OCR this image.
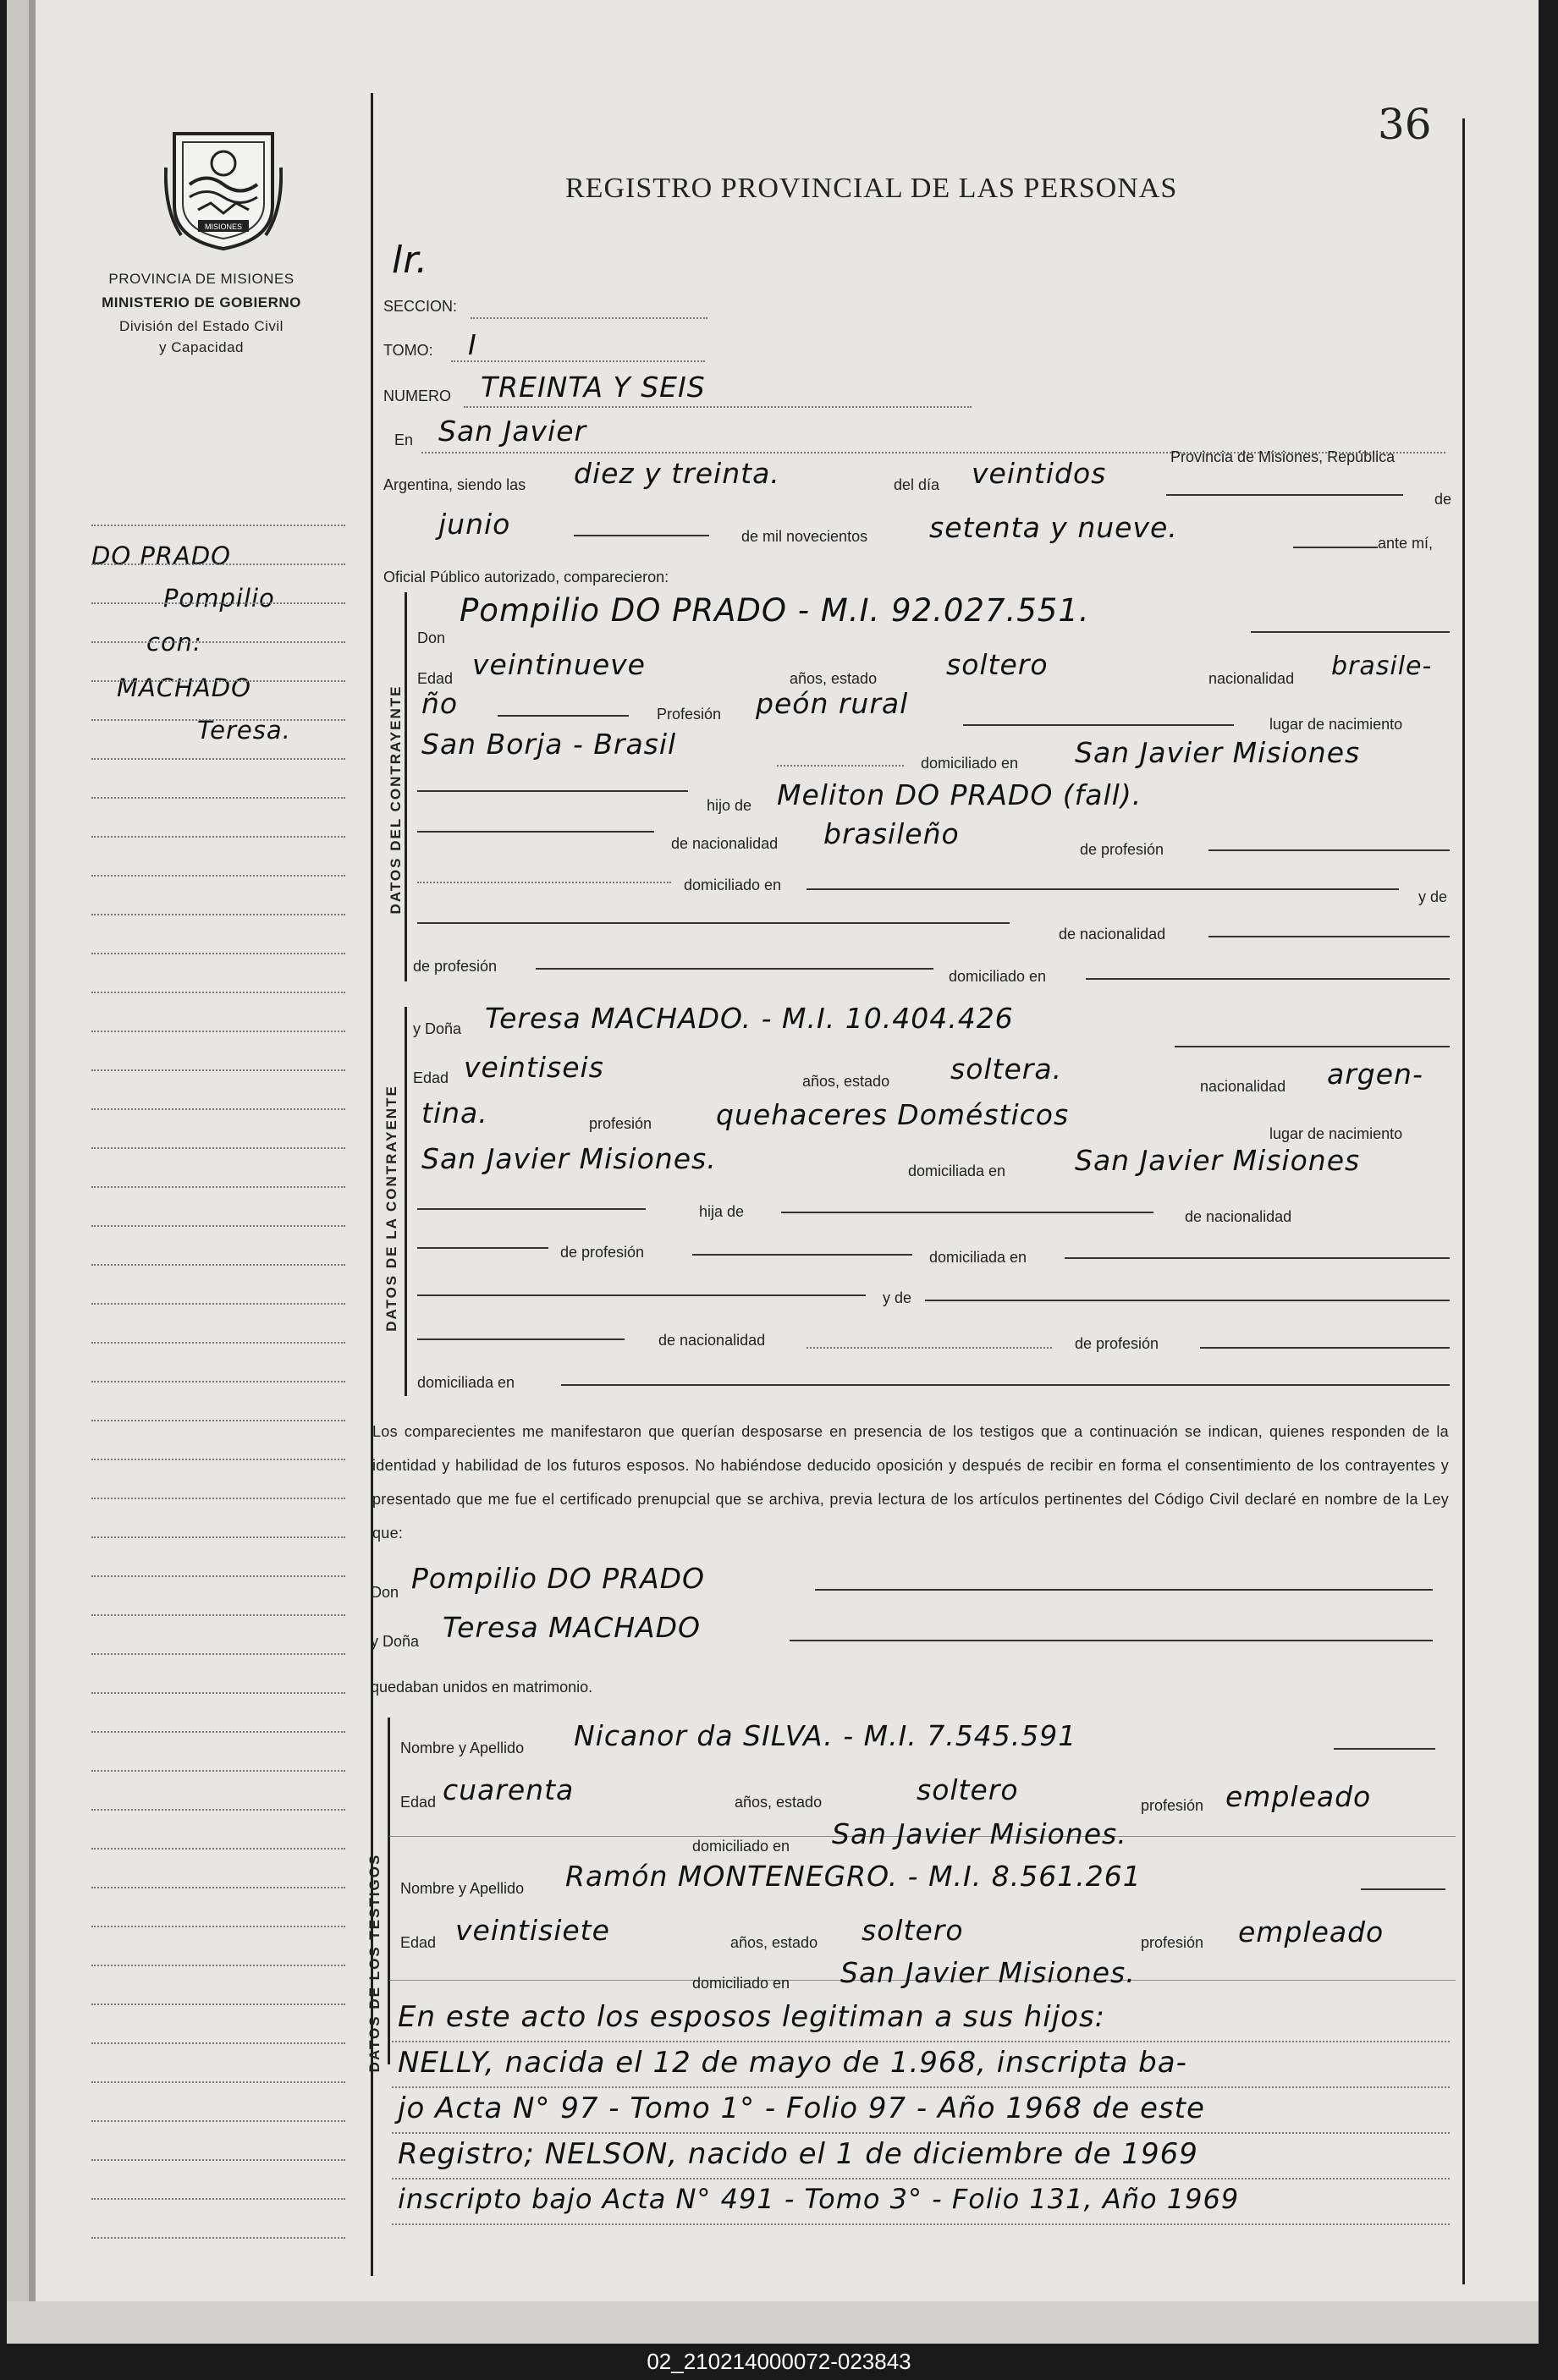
MISIONES
PROVINCIA DE MISIONES
MINISTERIO DE GOBIERNO
División del Estado Civil
y Capacidad
DO PRADO
Pompilio
con:
MACHADO
Teresa.
36
REGISTRO PROVINCIAL DE LAS PERSONAS
lr.
SECCION:
TOMO: I
NUMERO TREINTA Y SEIS
En San Javier
Provincia de Misiones, República
Argentina, siendo las diez y treinta.	del día veintidos
de
junio	de mil novecientos setenta y nueve.	ante mí,
Oficial Público autorizado, comparecieron:
DATOS DEL CONTRAYENTE
Don
Pompilio DO PRADO - M.I. 92.027.551.
Edad veintinueve	años, estado soltero	nacionalidad brasile-
ño	Profesión peón rural
lugar de nacimiento
San Borja - Brasil
domiciliado en San Javier Misiones
hijo de Meliton DO PRADO (fall).
de nacionalidad brasileño	de profesión
domiciliado en
y de
de nacionalidad
de profesión
domiciliado en
DATOS DE LA CONTRAYENTE
y Doña Teresa MACHADO. - M.I. 10.404.426
Edad veintiseis	años, estado soltera.
nacionalidad argen-
tina.	profesión quehaceres Domésticos
lugar de nacimiento
San Javier Misiones.	domiciliada en San Javier Misiones
hija de	de nacionalidad
de profesión	domiciliada en
y de
de nacionalidad	de profesión
domiciliada en
Los comparecientes me manifestaron que querían desposarse en presencia de los testigos que a continuación se indican, quienes responden de la identidad y habilidad de los futuros esposos. No habiéndose deducido oposición y después de recibir en forma el consentimiento de los contrayentes y presentado que me fue el certificado prenupcial que se archiva, previa lectura de los artículos pertinentes del Código Civil declaré en nombre de la Ley que:
Don Pompilio DO PRADO
y Doña Teresa MACHADO
quedaban unidos en matrimonio.
DATOS DE LOS TESTIGOS
Nombre y Apellido Nicanor da SILVA. - M.I. 7.545.591
Edad cuarenta	años, estado	soltero	profesión empleado
domiciliado en San Javier Misiones.
Nombre y Apellido Ramón MONTENEGRO. - M.I. 8.561.261
Edad veintisiete	años, estado soltero	profesión empleado
domiciliado en San Javier Misiones.
En este acto los esposos legitiman a sus hijos:
NELLY, nacida el 12 de mayo de 1.968, inscripta ba-
jo Acta N° 97 - Tomo 1° - Folio 97 - Año 1968 de este
Registro; NELSON, nacido el 1 de diciembre de 1969
inscripto bajo Acta N° 491 - Tomo 3° - Folio 131, Año 1969
02_210214000072-023843
